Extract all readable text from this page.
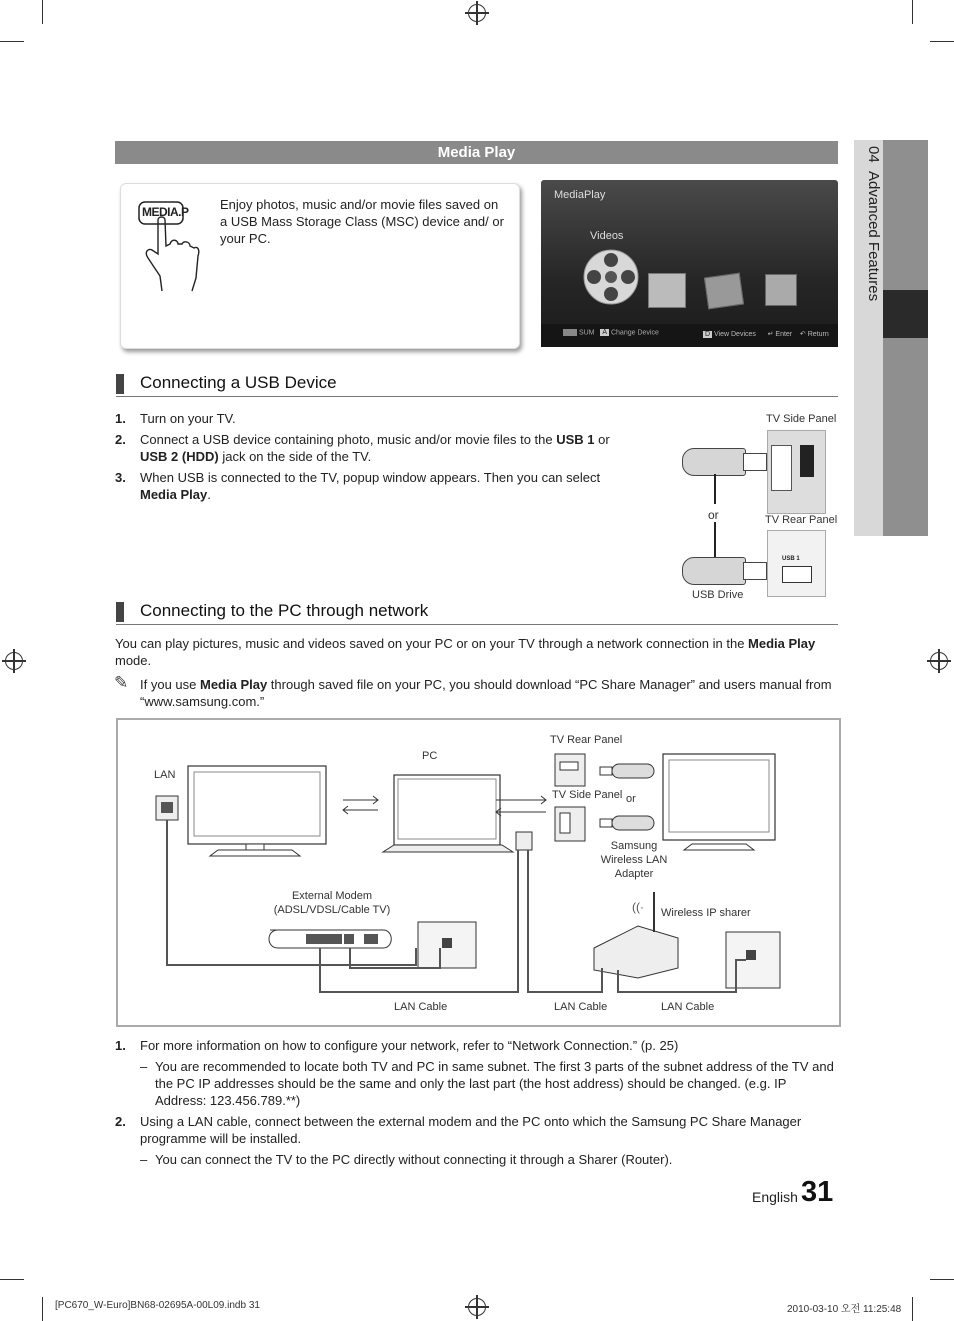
04  Advanced Features
Media Play
MEDIA.P Enjoy photos, music and/or movie files saved on a USB Mass Storage Class (MSC) device and/ or your PC.
MediaPlay
Videos
›
SUM A Change Device	D View Devices ↵ Enter ↶ Return
Connecting a USB Device
1. Turn on your TV.
2. Connect a USB device containing photo, music and/or movie files to the USB 1 or USB 2 (HDD) jack on the side of the TV.
3. When USB is connected to the TV, popup window appears. Then you can select Media Play.
TV Side Panel
or	TV Rear Panel
USB 1
USB Drive
Connecting to the PC through network
You can play pictures, music and videos saved on your PC or on your TV through a network connection in the Media Play mode.
✎ If you use Media Play through saved file on your PC, you should download “PC Share Manager” and users manual from “www.samsung.com.”
LAN
PC
TV Rear Panel
TV Side Panel or
Samsung
Wireless LAN
Adapter
External Modem
(ADSL/VDSL/Cable TV)	((· Wireless IP sharer
LAN Cable	LAN Cable	LAN Cable
1. For more information on how to configure your network, refer to “Network Connection.” (p. 25)
– You are recommended to locate both TV and PC in same subnet. The first 3 parts of the subnet address of the TV and the PC IP addresses should be the same and only the last part (the host address) should be changed. (e.g. IP Address: 123.456.789.**)
2. Using a LAN cable, connect between the external modem and the PC onto which the Samsung PC Share Manager programme will be installed.
– You can connect the TV to the PC directly without connecting it through a Sharer (Router).
English 31
[PC670_W-Euro]BN68-02695A-00L09.indb 31	2010-03-10 오전 11:25:48
